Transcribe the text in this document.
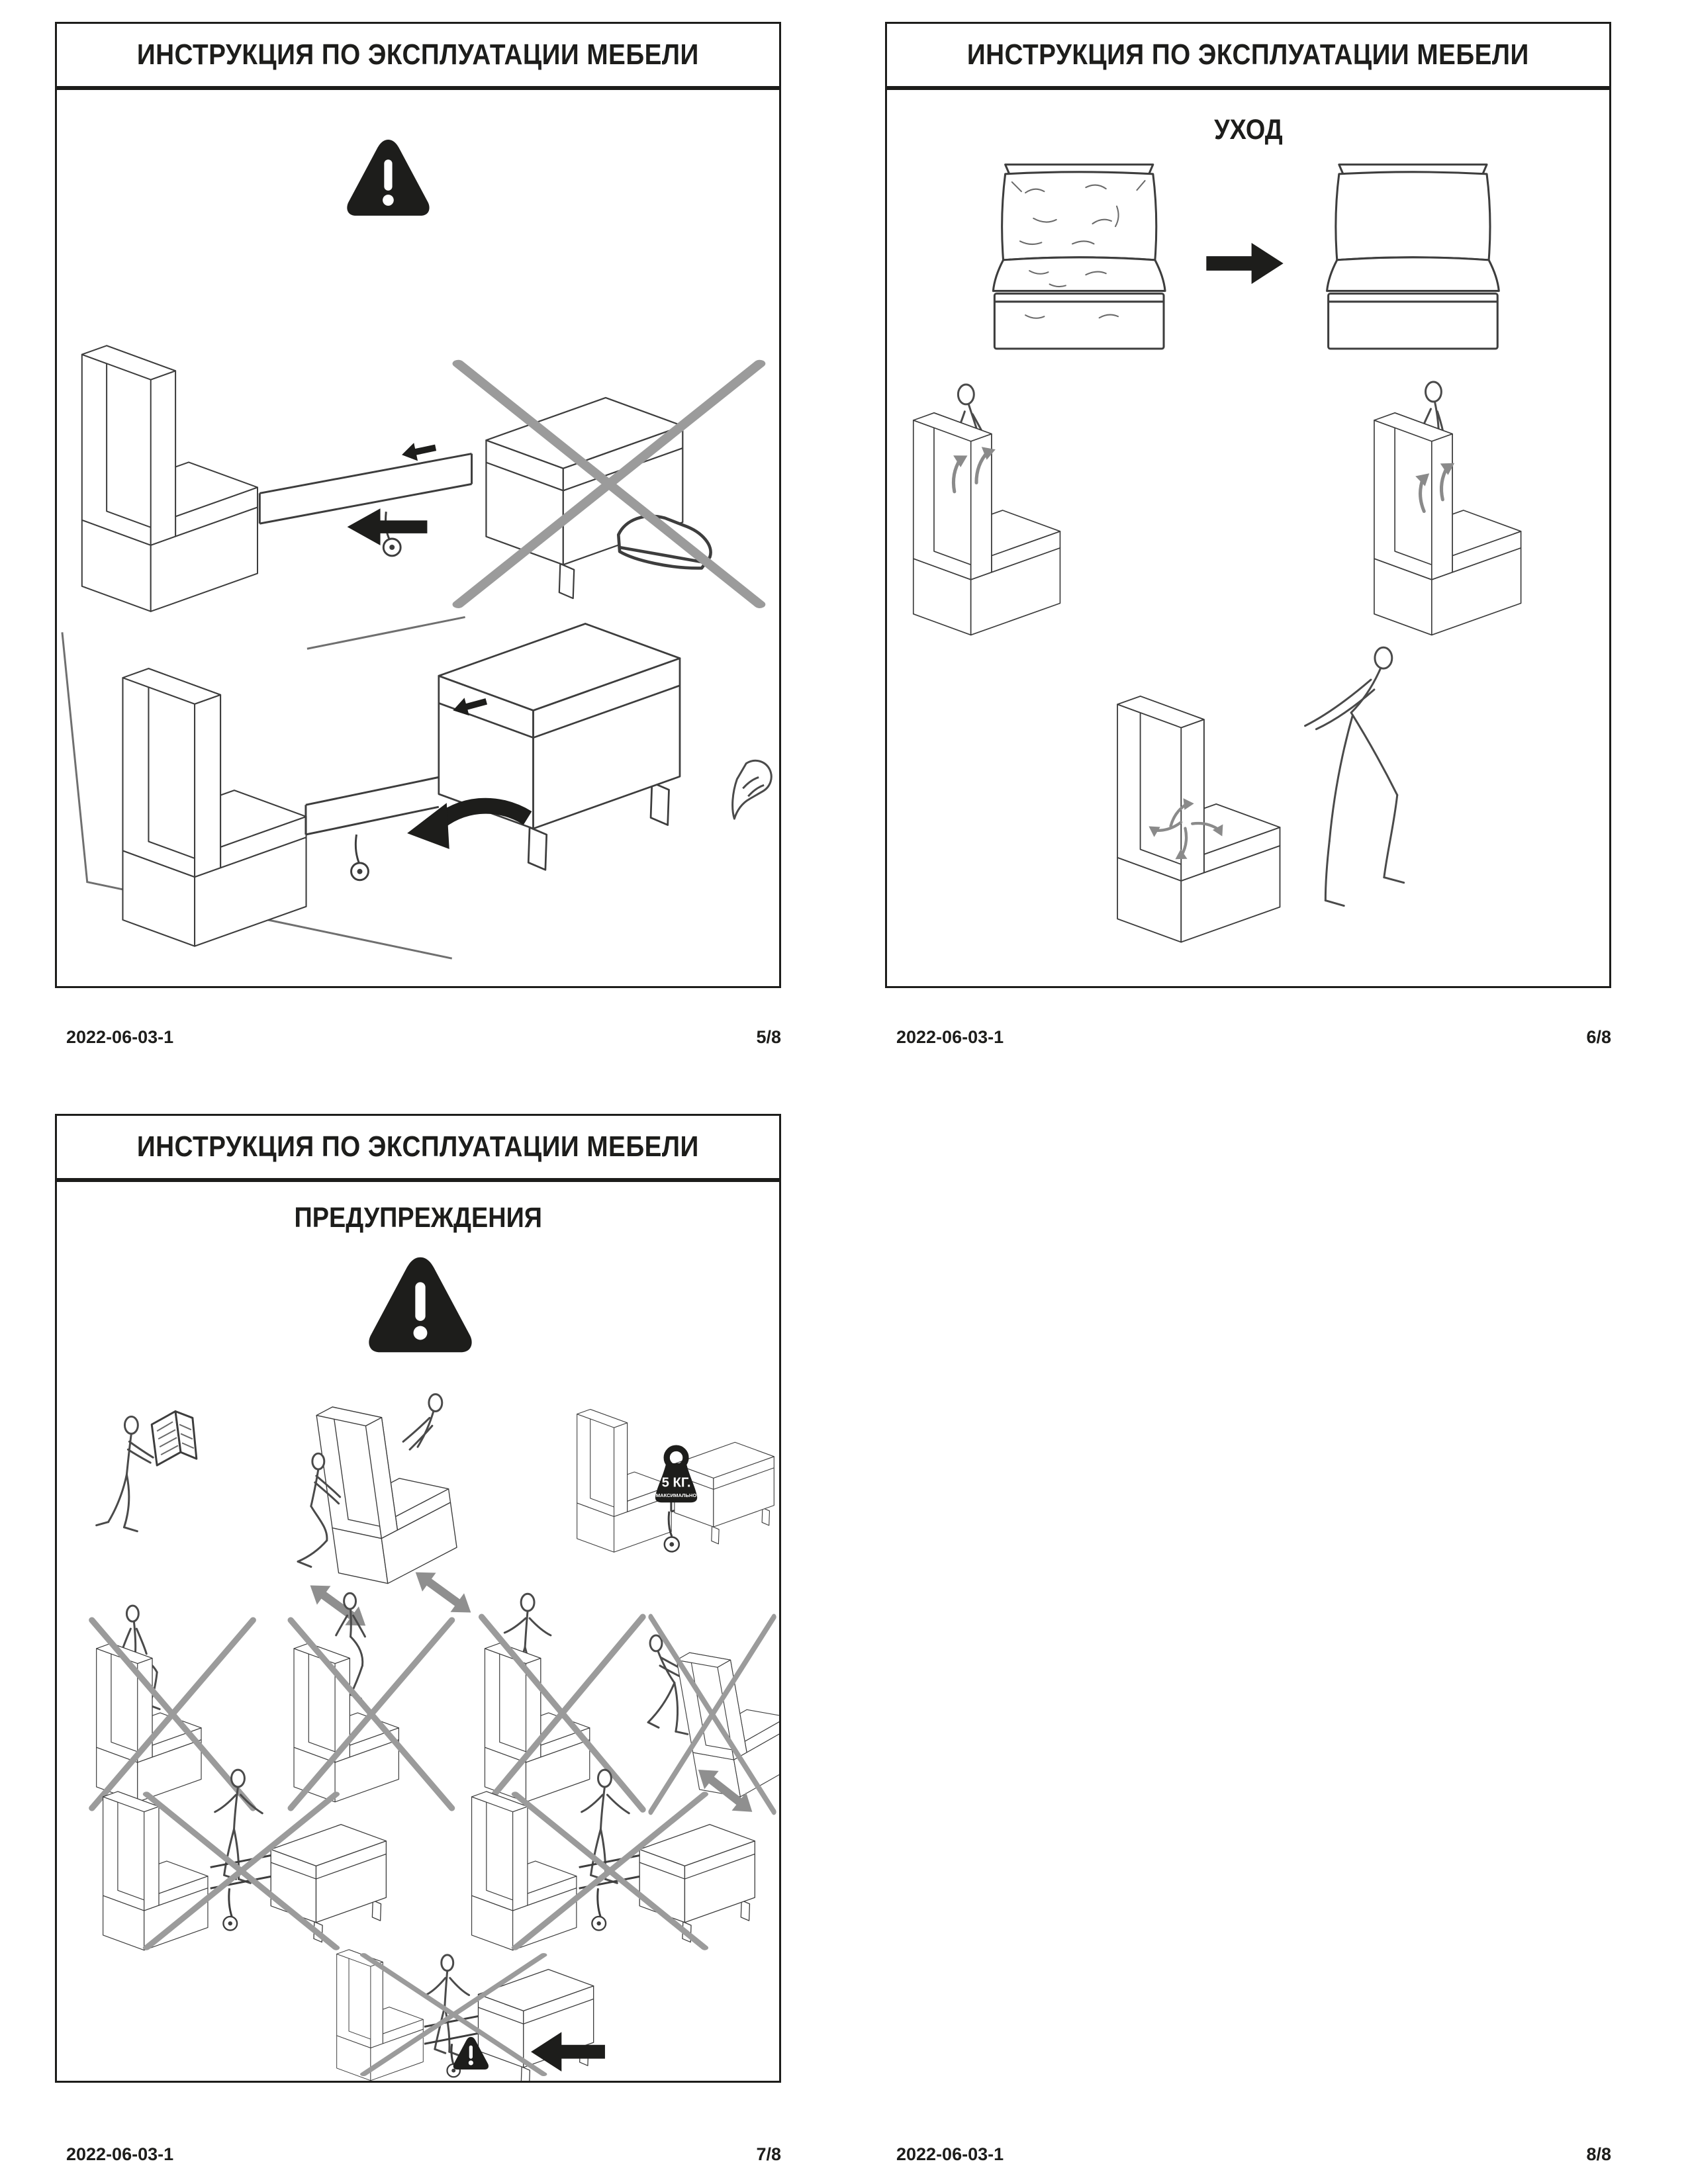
ИНСТРУКЦИЯ ПО ЭКСПЛУАТАЦИИ МЕБЕЛИ
2022-06-03-1	5/8
ИНСТРУКЦИЯ ПО ЭКСПЛУАТАЦИИ МЕБЕЛИ
УХОД
2022-06-03-1	6/8
ИНСТРУКЦИЯ ПО ЭКСПЛУАТАЦИИ МЕБЕЛИ
ПРЕДУПРЕЖДЕНИЯ
2022-06-03-1	7/8	2022-06-03-1	8/8
